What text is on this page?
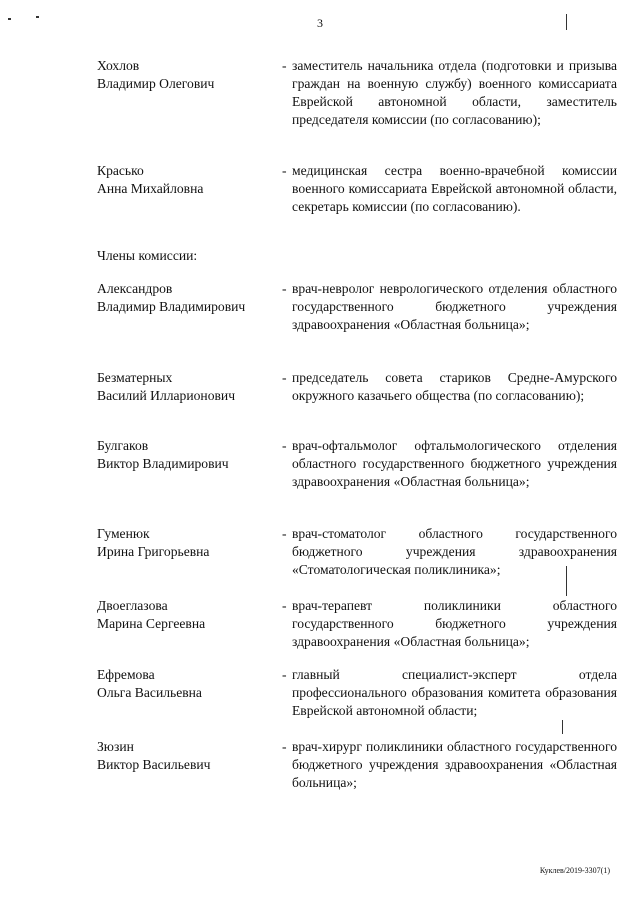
3
Хохлов
Владимир Олегович
- заместитель начальника отдела (подготовки и призыва граждан на военную службу) военного комиссариата Еврейской автономной области, заместитель председателя комиссии (по согласованию);
Красько
Анна Михайловна
- медицинская сестра военно-врачебной комиссии военного комиссариата Еврейской автономной области, секретарь комиссии (по согласованию).
Члены комиссии:
Александров
Владимир Владимирович
- врач-невролог неврологического отделения областного государственного бюджетного учреждения здравоохранения «Областная больница»;
Безматерных
Василий Илларионович
- председатель совета стариков Средне-Амурского окружного казачьего общества (по согласованию);
Булгаков
Виктор Владимирович
- врач-офтальмолог офтальмологического отделения областного государственного бюджетного учреждения здравоохранения «Областная больница»;
Гуменюк
Ирина Григорьевна
- врач-стоматолог областного государственного бюджетного учреждения здравоохранения «Стоматологическая поликлиника»;
Двоеглазова
Марина Сергеевна
- врач-терапевт поликлиники областного государственного бюджетного учреждения здравоохранения «Областная больница»;
Ефремова
Ольга Васильевна
- главный специалист-эксперт отдела профессионального образования комитета образования Еврейской автономной области;
Зюзин
Виктор Васильевич
- врач-хирург поликлиники областного государственного бюджетного учреждения здравоохранения «Областная больница»;
Куклев/2019-3307(1)
